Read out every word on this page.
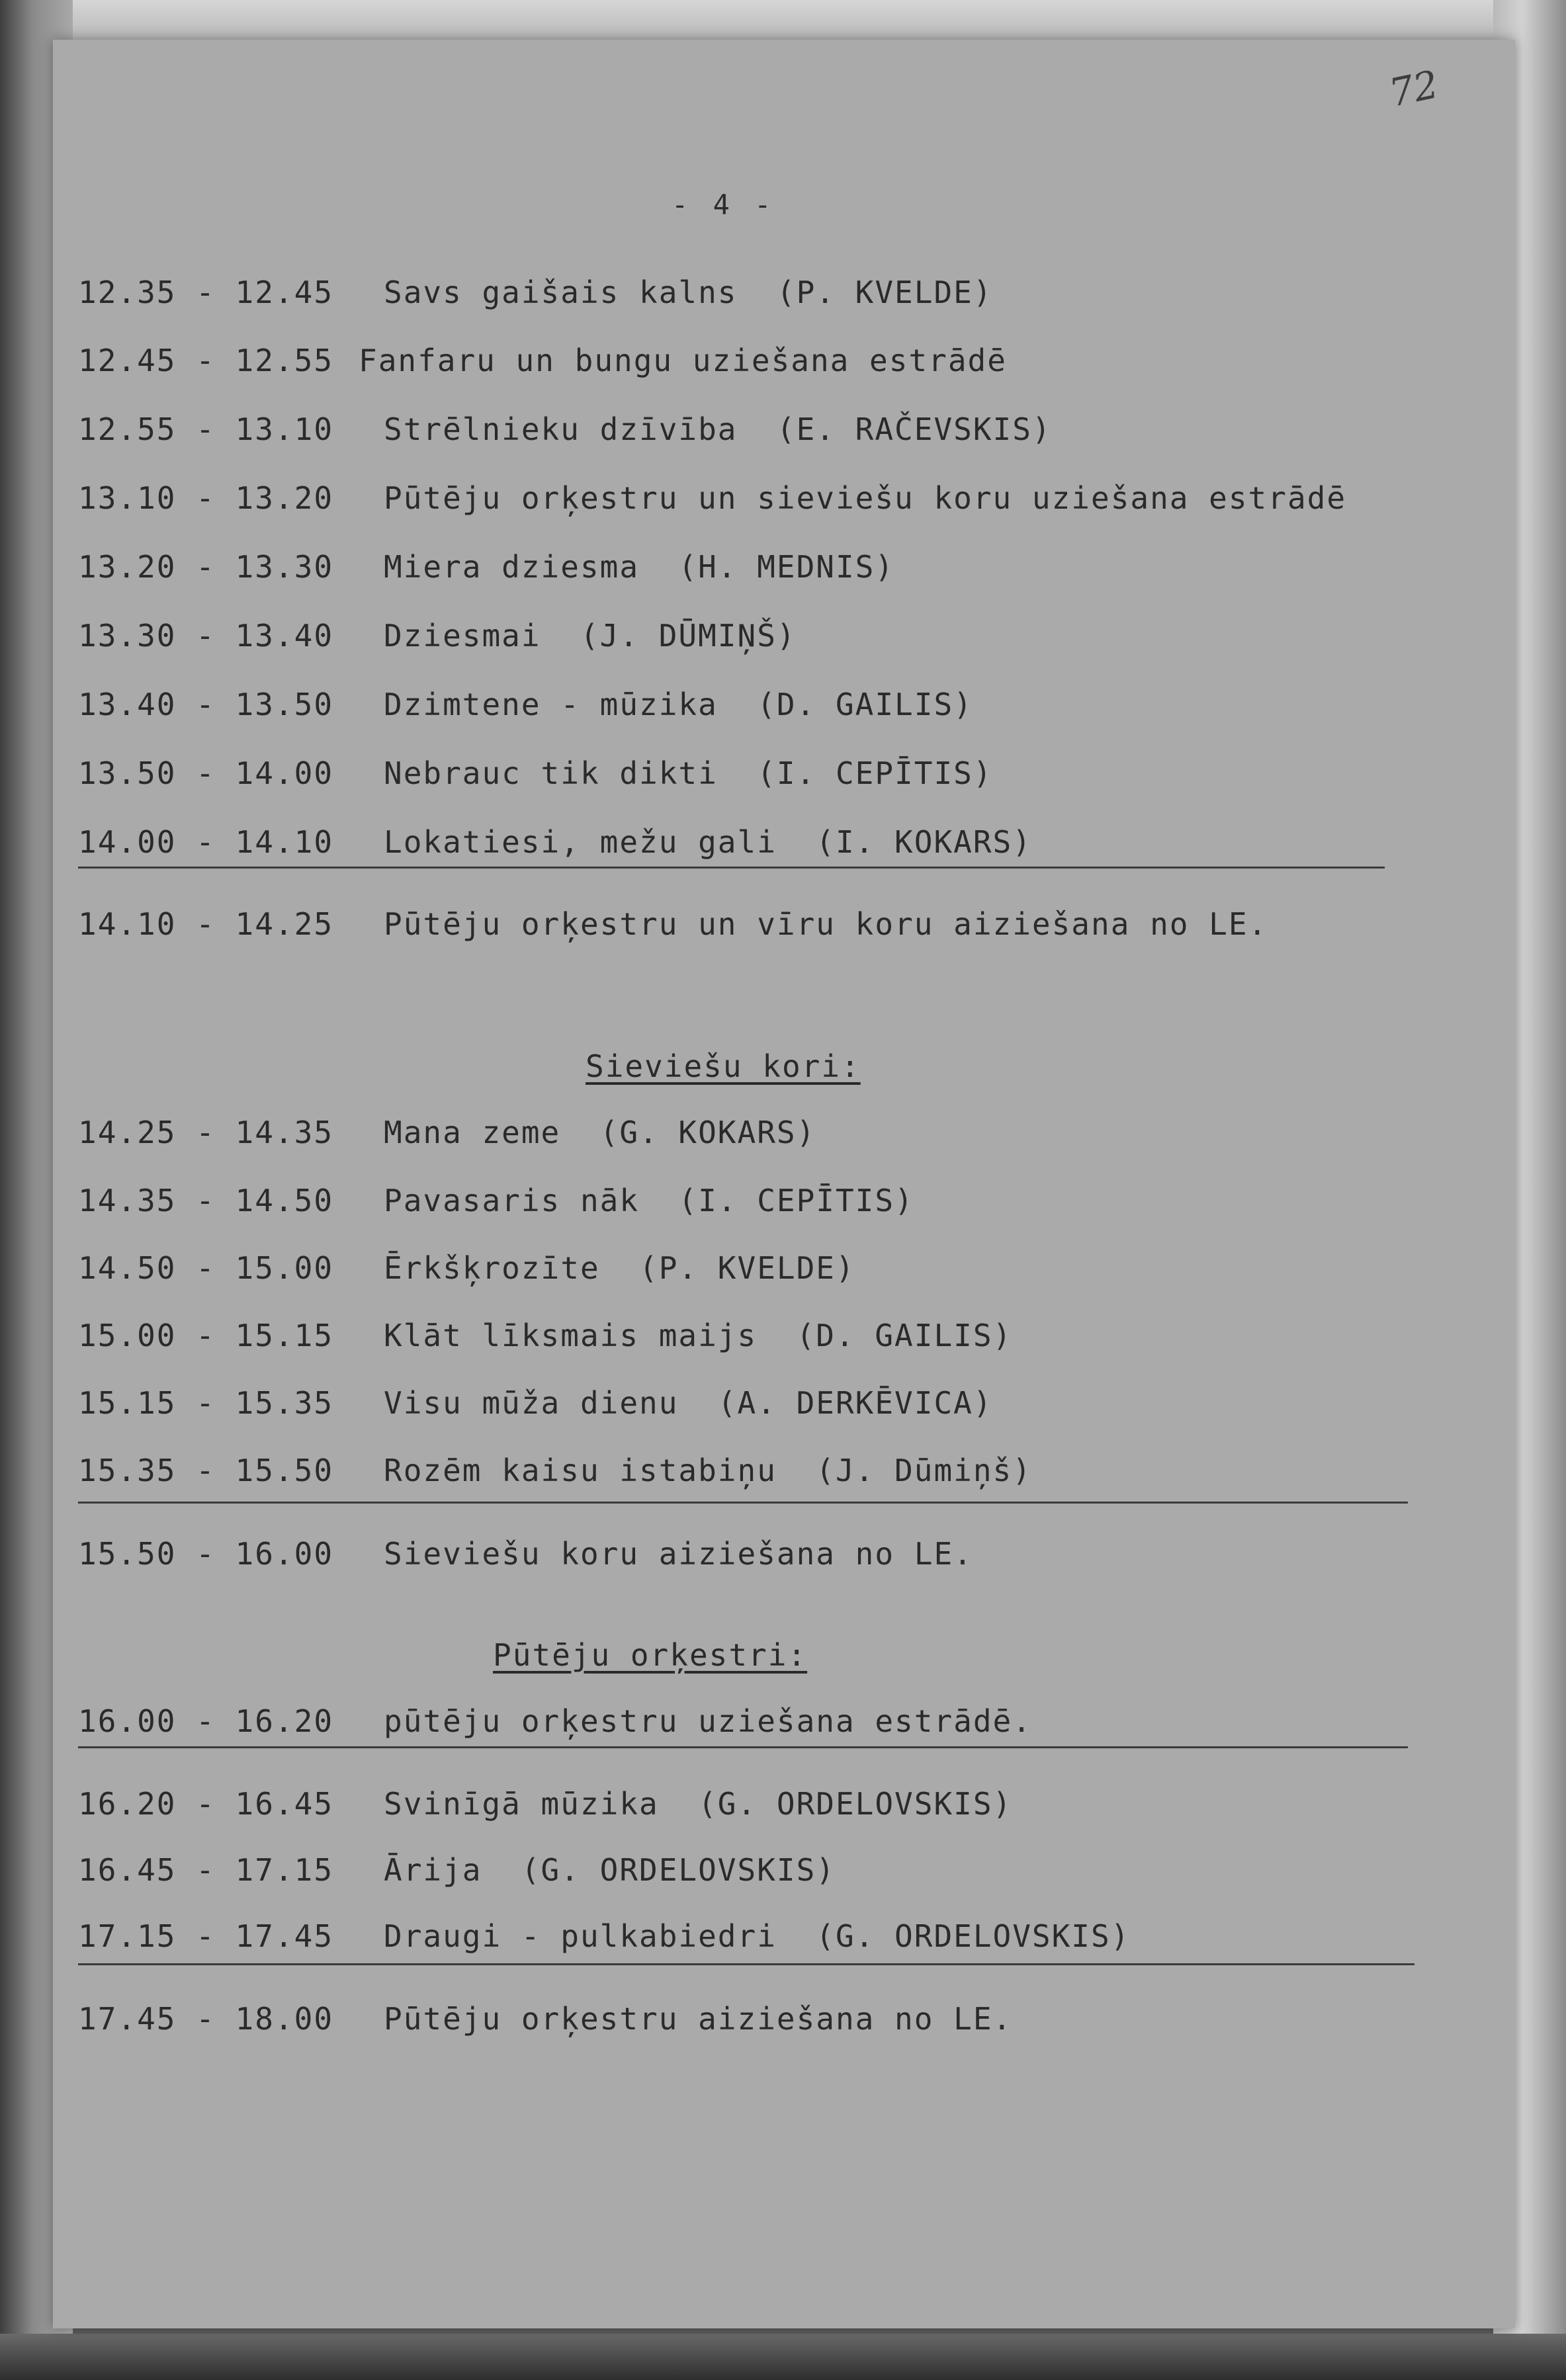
72
- 4 -

12.35 - 12.45

Savs gaišais kalns  (P. KVELDE)

12.45 - 12.55

Fanfaru un bungu uziešana estrādē

12.55 - 13.10

Strēlnieku dzīvība  (E. RAČEVSKIS)

13.10 - 13.20

Pūtēju orķestru un sieviešu koru uziešana estrādē

13.20 - 13.30

Miera dziesma  (H. MEDNIS)

13.30 - 13.40

Dziesmai  (J. DŪMIŅŠ)

13.40 - 13.50

Dzimtene - mūzika  (D. GAILIS)

13.50 - 14.00

Nebrauc tik dikti  (I. CEPĪTIS)

14.00 - 14.10

Lokatiesi, mežu gali  (I. KOKARS)

14.10 - 14.25

Pūtēju orķestru un vīru koru aiziešana no LE.

Sieviešu kori:

14.25 - 14.35

Mana zeme  (G. KOKARS)

14.35 - 14.50

Pavasaris nāk  (I. CEPĪTIS)

14.50 - 15.00

Ērkšķrozīte  (P. KVELDE)

15.00 - 15.15

Klāt līksmais maijs  (D. GAILIS)

15.15 - 15.35

Visu mūža dienu  (A. DERKĒVICA)

15.35 - 15.50

Rozēm kaisu istabiņu  (J. Dūmiņš)

15.50 - 16.00

Sieviešu koru aiziešana no LE.

Pūtēju orķestri:

16.00 - 16.20

pūtēju orķestru uziešana estrādē.

16.20 - 16.45

Svinīgā mūzika  (G. ORDELOVSKIS)

16.45 - 17.15

Ārija  (G. ORDELOVSKIS)

17.15 - 17.45

Draugi - pulkabiedri  (G. ORDELOVSKIS)

17.45 - 18.00

Pūtēju orķestru aiziešana no LE.
